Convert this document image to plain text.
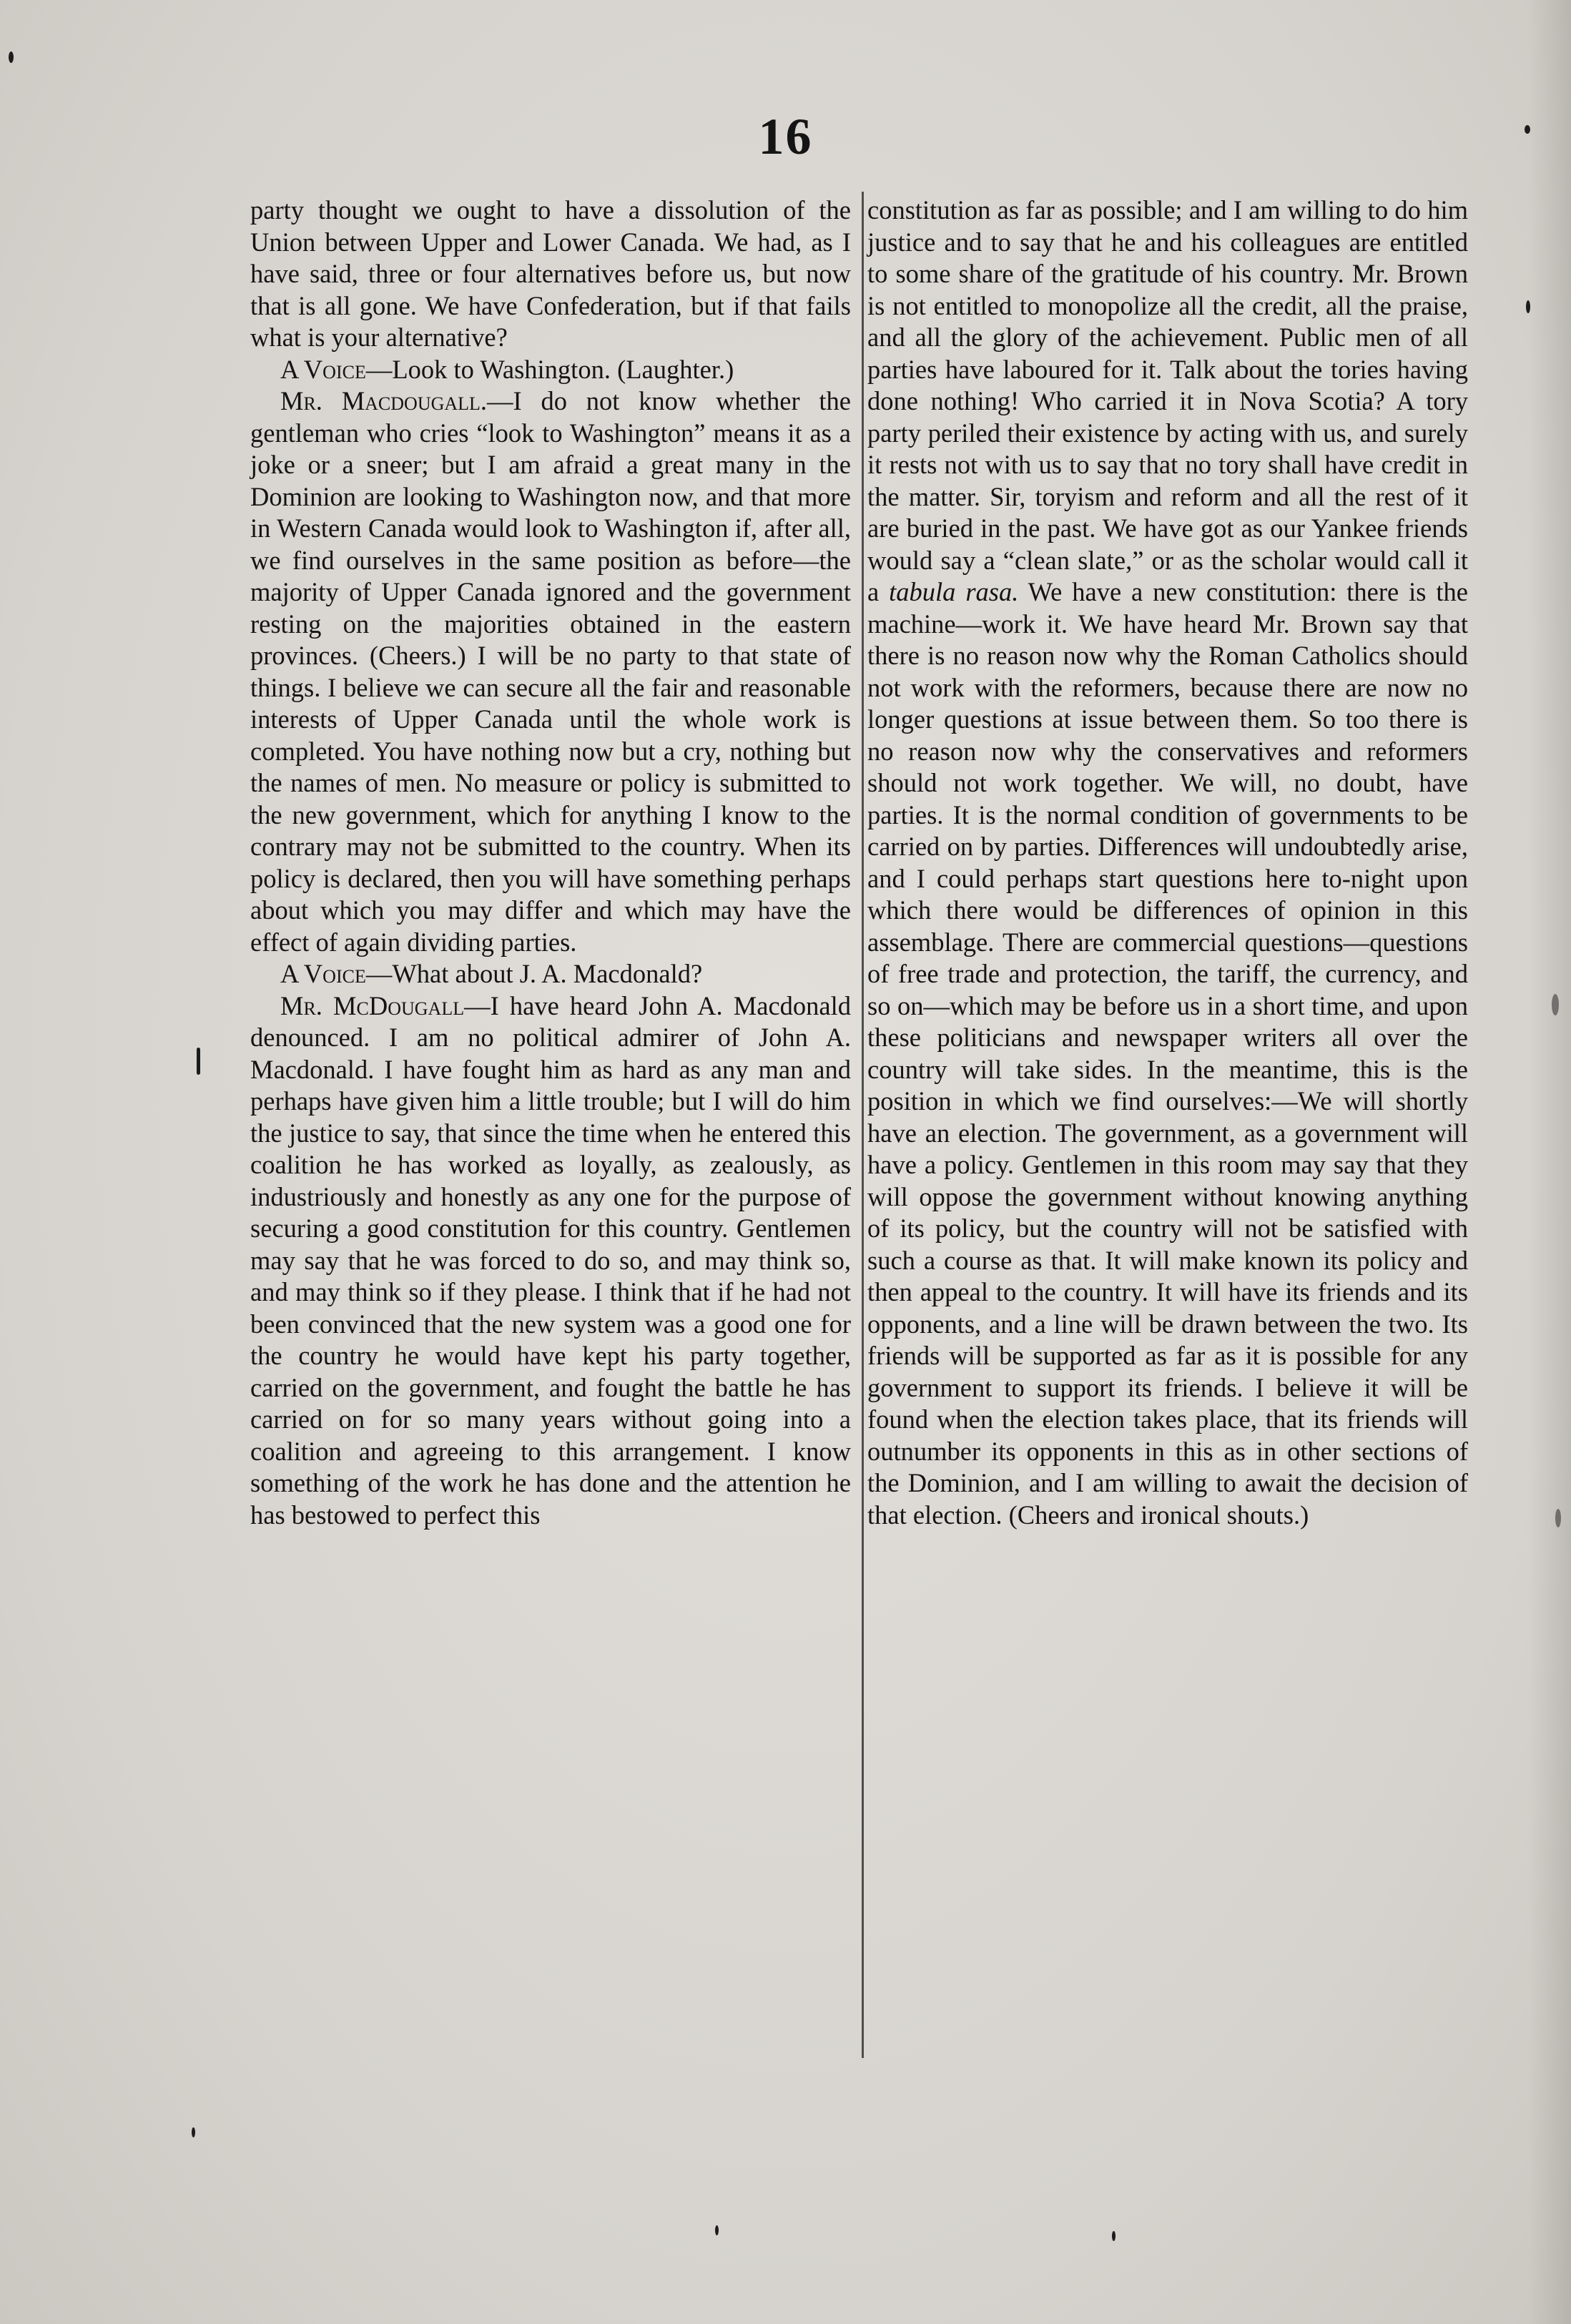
16

party thought we ought to have a dissolution of the Union between Upper and Lower Canada. We had, as I have said, three or four alternatives before us, but now that is all gone. We have Confederation, but if that fails what is your alternative?

A Voice—Look to Washington. (Laughter.)

Mr. Macdougall.—I do not know whether the gentleman who cries “look to Washington” means it as a joke or a sneer; but I am afraid a great many in the Dominion are looking to Washington now, and that more in Western Canada would look to Washington if, after all, we find ourselves in the same position as before—the majority of Upper Canada ignored and the government resting on the majorities obtained in the eastern provinces. (Cheers.) I will be no party to that state of things. I believe we can secure all the fair and reasonable interests of Upper Canada until the whole work is completed. You have nothing now but a cry, nothing but the names of men. No measure or policy is submitted to the new government, which for anything I know to the contrary may not be submitted to the country. When its policy is declared, then you will have something perhaps about which you may differ and which may have the effect of again dividing parties.

A Voice—What about J. A. Macdonald?

Mr. McDougall—I have heard John A. Macdonald denounced. I am no political admirer of John A. Macdonald. I have fought him as hard as any man and perhaps have given him a little trouble; but I will do him the justice to say, that since the time when he entered this coalition he has worked as loyally, as zealously, as industriously and honestly as any one for the purpose of securing a good constitution for this country. Gentlemen may say that he was forced to do so, and may think so, and may think so if they please. I think that if he had not been convinced that the new system was a good one for the country he would have kept his party together, carried on the government, and fought the battle he has carried on for so many years without going into a coalition and agreeing to this arrangement. I know something of the work he has done and the attention he has bestowed to perfect this

constitution as far as possible; and I am willing to do him justice and to say that he and his colleagues are entitled to some share of the gratitude of his country. Mr. Brown is not entitled to monopolize all the credit, all the praise, and all the glory of the achievement. Public men of all parties have laboured for it. Talk about the tories having done nothing! Who carried it in Nova Scotia? A tory party periled their existence by acting with us, and surely it rests not with us to say that no tory shall have credit in the matter. Sir, toryism and reform and all the rest of it are buried in the past. We have got as our Yankee friends would say a “clean slate,” or as the scholar would call it a tabula rasa. We have a new constitution: there is the machine—work it. We have heard Mr. Brown say that there is no reason now why the Roman Catholics should not work with the reformers, because there are now no longer questions at issue between them. So too there is no reason now why the conservatives and reformers should not work together. We will, no doubt, have parties. It is the normal condition of governments to be carried on by parties. Differences will undoubtedly arise, and I could perhaps start questions here to-night upon which there would be differences of opinion in this assemblage. There are commercial questions—questions of free trade and protection, the tariff, the currency, and so on—which may be before us in a short time, and upon these politicians and newspaper writers all over the country will take sides. In the meantime, this is the position in which we find ourselves:—We will shortly have an election. The government, as a government will have a policy. Gentlemen in this room may say that they will oppose the government without knowing anything of its policy, but the country will not be satisfied with such a course as that. It will make known its policy and then appeal to the country. It will have its friends and its opponents, and a line will be drawn between the two. Its friends will be supported as far as it is possible for any government to support its friends. I believe it will be found when the election takes place, that its friends will outnumber its opponents in this as in other sections of the Dominion, and I am willing to await the decision of that election. (Cheers and ironical shouts.)
